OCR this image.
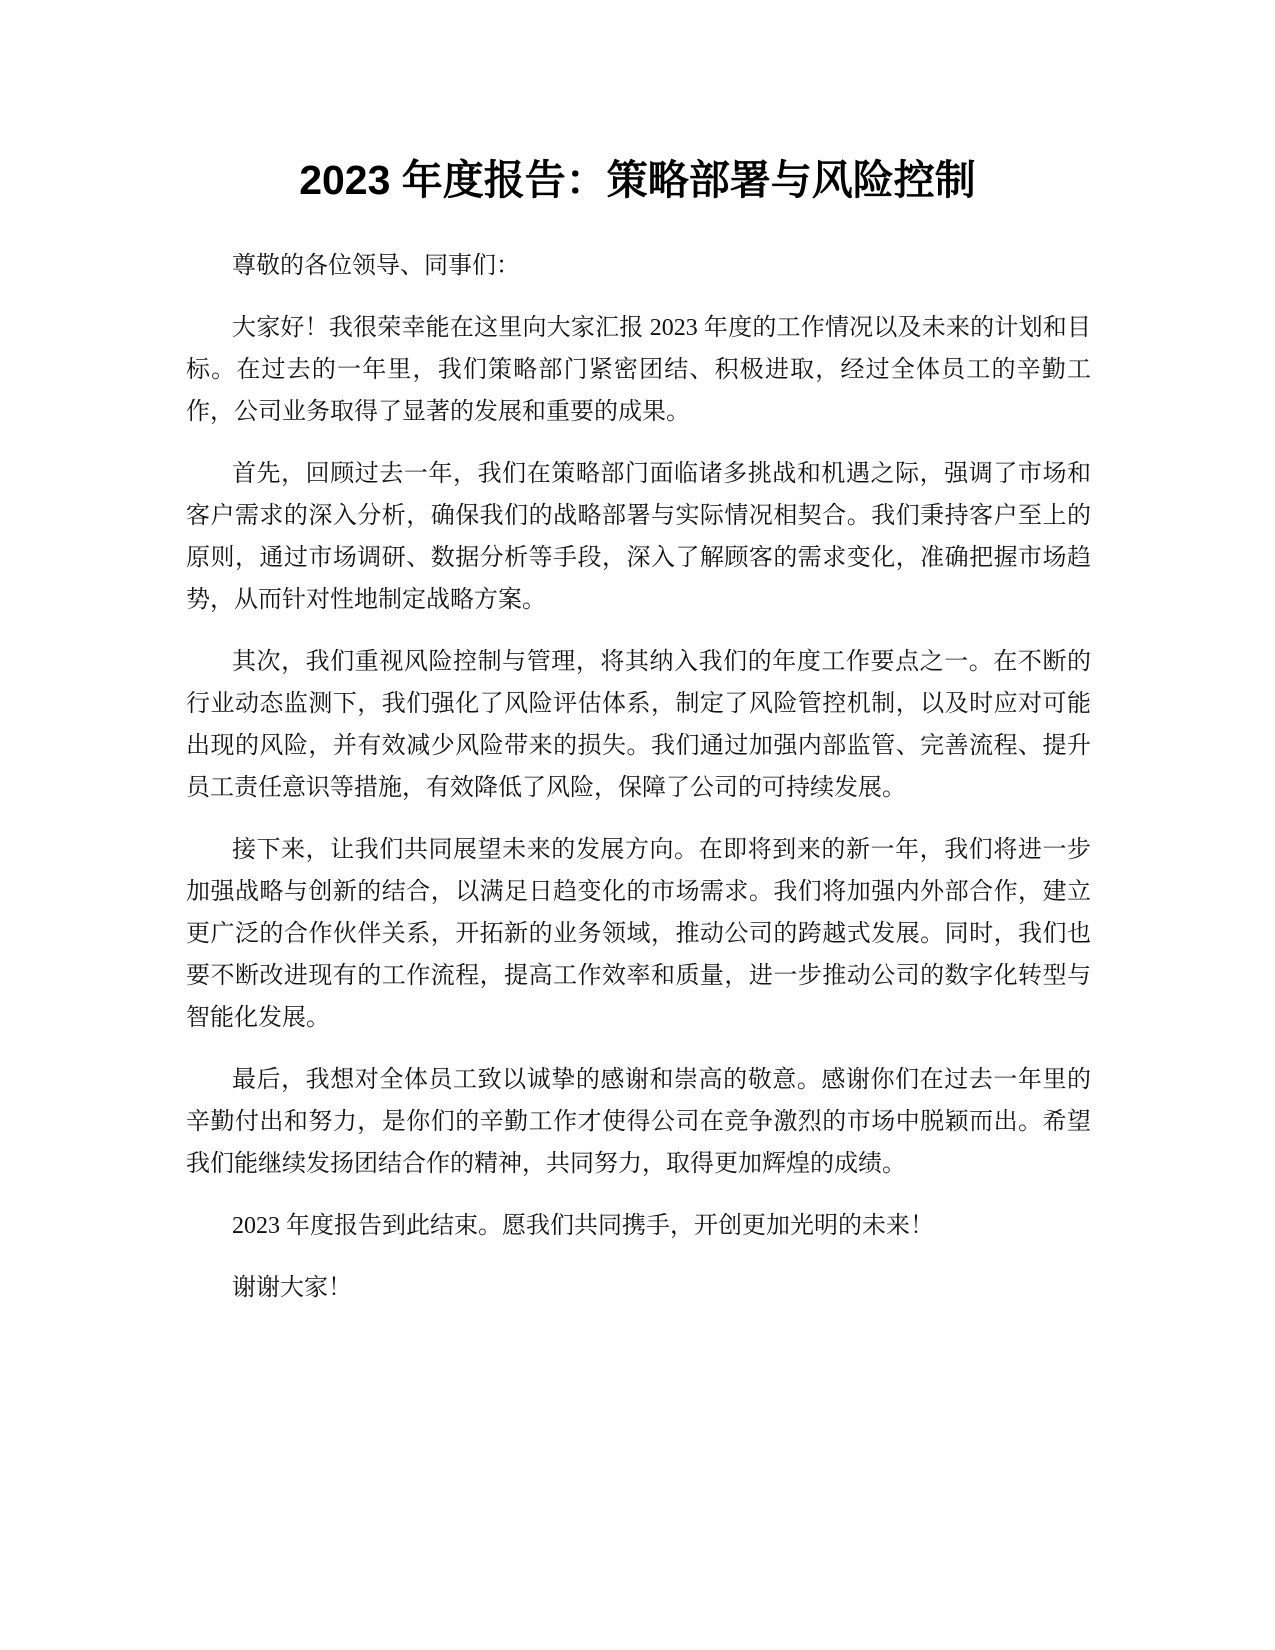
2023 年度报告：策略部署与风险控制

尊敬的各位领导、同事们：

大家好！我很荣幸能在这里向大家汇报 2023 年度的工作情况以及未来的计划和目标。在过去的一年里，我们策略部门紧密团结、积极进取，经过全体员工的辛勤工作，公司业务取得了显著的发展和重要的成果。

首先，回顾过去一年，我们在策略部门面临诸多挑战和机遇之际，强调了市场和客户需求的深入分析，确保我们的战略部署与实际情况相契合。我们秉持客户至上的原则，通过市场调研、数据分析等手段，深入了解顾客的需求变化，准确把握市场趋势，从而针对性地制定战略方案。

其次，我们重视风险控制与管理，将其纳入我们的年度工作要点之一。在不断的行业动态监测下，我们强化了风险评估体系，制定了风险管控机制，以及时应对可能出现的风险，并有效减少风险带来的损失。我们通过加强内部监管、完善流程、提升员工责任意识等措施，有效降低了风险，保障了公司的可持续发展。

接下来，让我们共同展望未来的发展方向。在即将到来的新一年，我们将进一步加强战略与创新的结合，以满足日趋变化的市场需求。我们将加强内外部合作，建立更广泛的合作伙伴关系，开拓新的业务领域，推动公司的跨越式发展。同时，我们也要不断改进现有的工作流程，提高工作效率和质量，进一步推动公司的数字化转型与智能化发展。

最后，我想对全体员工致以诚挚的感谢和崇高的敬意。感谢你们在过去一年里的辛勤付出和努力，是你们的辛勤工作才使得公司在竞争激烈的市场中脱颖而出。希望我们能继续发扬团结合作的精神，共同努力，取得更加辉煌的成绩。

2023 年度报告到此结束。愿我们共同携手，开创更加光明的未来！

谢谢大家！
